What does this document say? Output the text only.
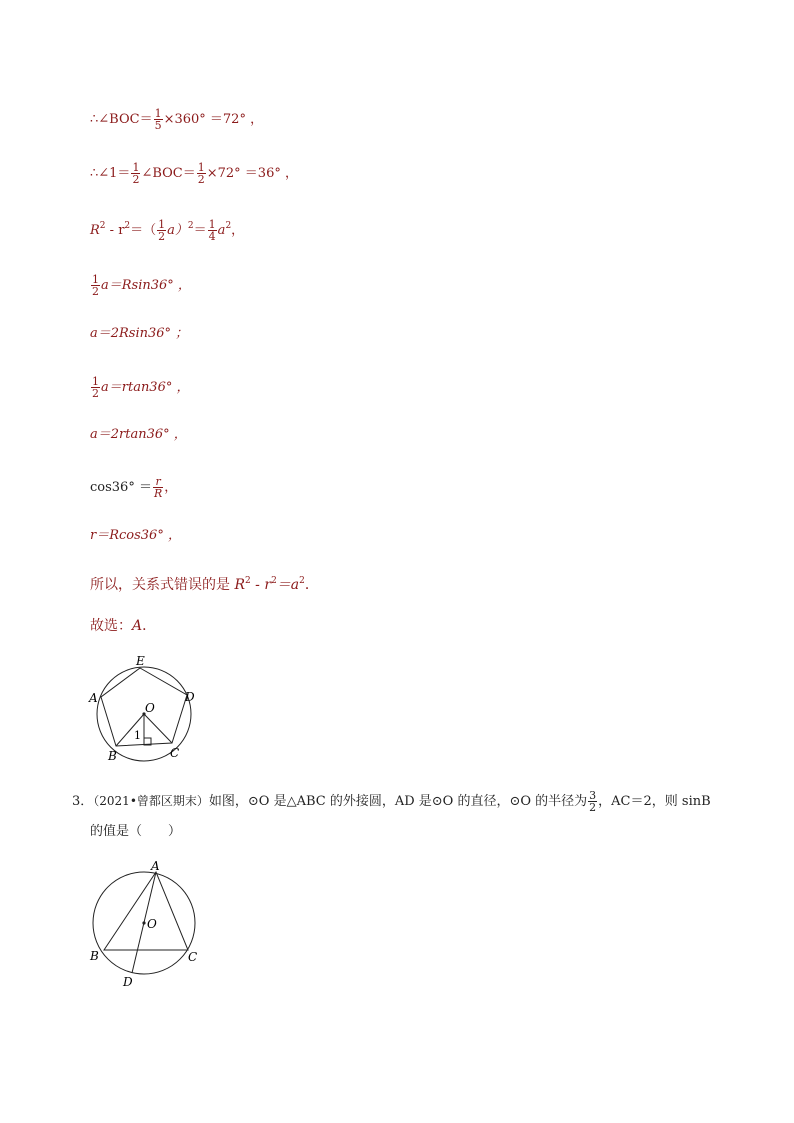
∴∠BOC＝ $\frac{1}{5} \times 360^\circ =72^\circ$ ，
∴∠1＝ $\frac{1}{2}$ ∠BOC＝ $\frac{1}{2} \times 72^\circ =36^\circ$ ，
$R^2 - r^2=( \frac{1}{2} a)^2= \frac{1}{4} a^2$，
$\frac{1}{2} a=Rsin36^\circ$ ，
a＝2Rsin36° ；
$\frac{1}{2} a=rtan36^\circ$ ，
a＝2rtan36° ，
$\cos 36^\circ = \frac{r}{R}$ ，
r＝Rcos36° ，
所以，关系式错误的是 $R^2 - r^2=a^2$．
故选：A．
E
A	D
O
1
B	C
3．（2021•曾都区期末）如图，⊙O 是△ABC 的外接圆，AD 是⊙O 的直径，⊙O 的半径为 $\frac{3}{2}$ ，AC＝2，则 sinB
的值是（　　）
A
O
B	C
D
